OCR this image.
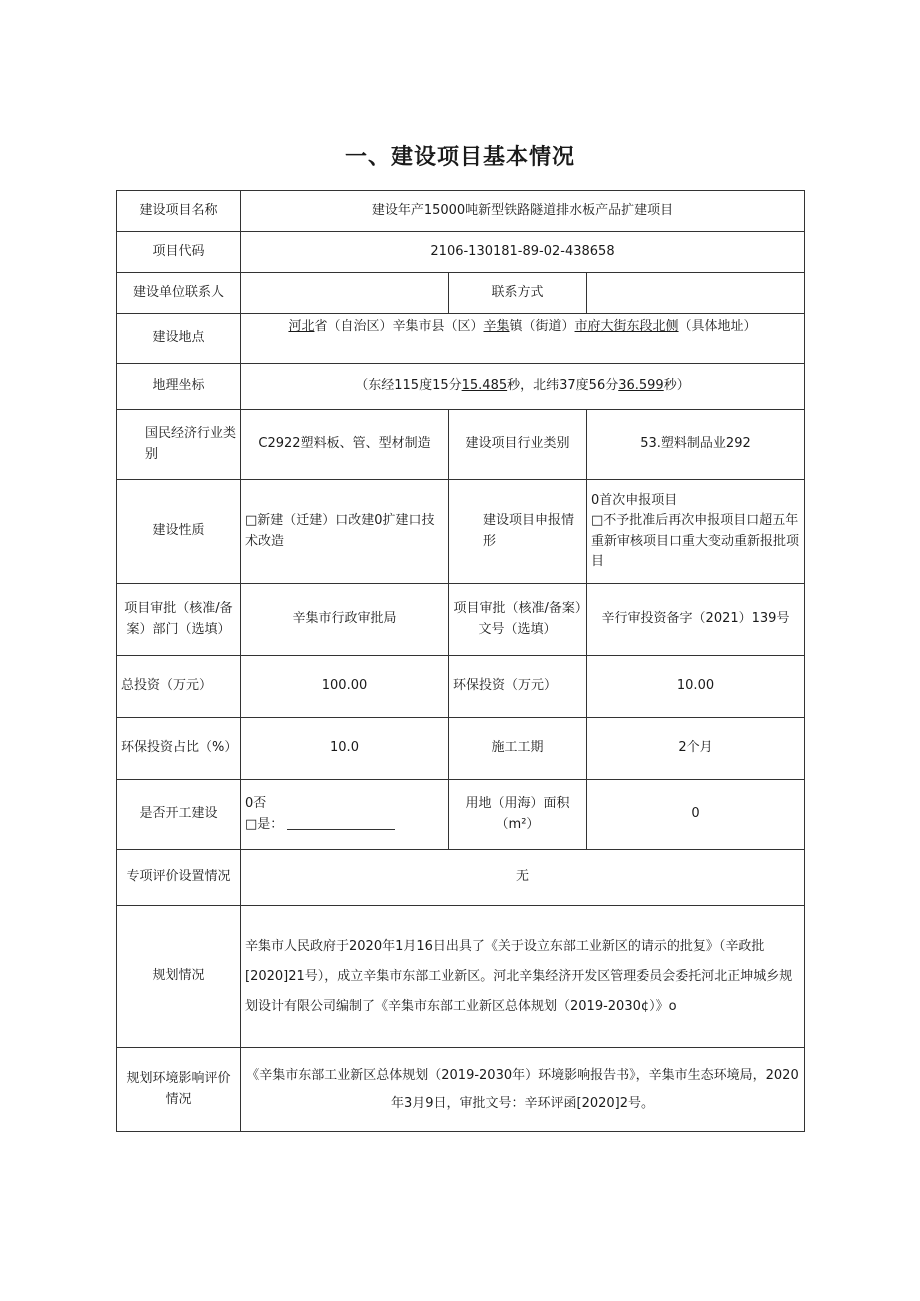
一、建设项目基本情况
建设项目名称	建设年产15000吨新型铁路隧道排水板产品扩建项目		
项目代码	2106-130181-89-02-438658		
建设单位联系人		联系方式	
建设地点	河北省（自治区）辛集市县（区）辛集镇（街道）市府大街东段北侧（具体地址）		
地理坐标	（东经115度15分15.485秒，北纬37度56分36.599秒）		
国民经济行业类别	C2922塑料板、管、型材制造	建设项目行业类别	53.塑料制品业292
建设性质	□新建（迁建）口改建0扩建口技术改造	建设项目申报情形	0首次申报项目
□不予批准后再次申报项目口超五年重新审核项目口重大变动重新报批项目

项目审批（核准/备案）部门（选填）	辛集市行政审批局	项目审批（核准/备案）文号（选填）	辛行审投资备字（2021）139号
总投资（万元）	100.00	环保投资（万元）	10.00
环保投资占比（%）	10.0	施工工期	2个月
是否开工建设	0否
□是：	用地（用海）面积（m²）	0
专项评价设置情况	无		
规划情况	辛集市人民政府于2020年1月16日出具了《关于设立东部工业新区的请示的批复》（辛政批[2020]21号），成立辛集市东部工业新区。河北辛集经济开发区管理委员会委托河北正坤城乡规划设计有限公司编制了《辛集市东部工业新区总体规划（2019-2030¢）》o		
规划环境影响评价情况	《辛集市东部工业新区总体规划（2019-2030年）环境影响报告书》，辛集市生态环境局，2020年3月9日，审批文号：辛环评函[2020]2号。		
